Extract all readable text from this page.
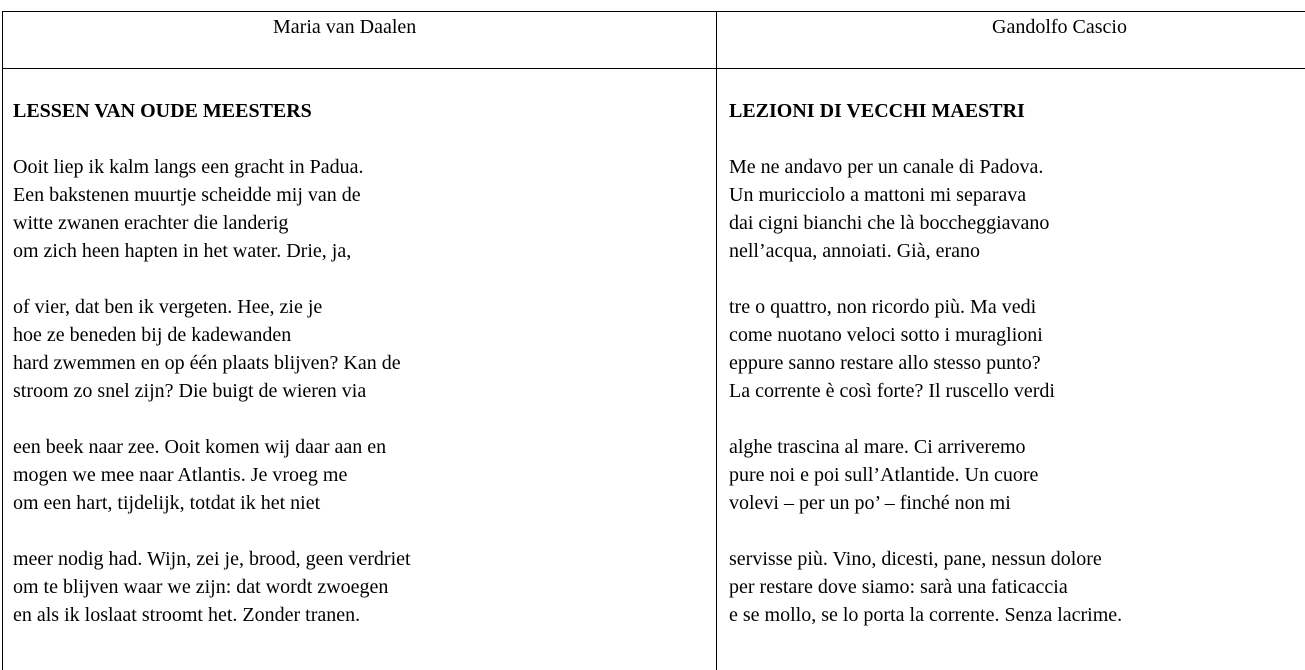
Maria van Daalen	Gandolfo Cascio
LESSEN VAN OUDE MEESTERS
Ooit liep ik kalm langs een gracht in Padua.
Een bakstenen muurtje scheidde mij van de
witte zwanen erachter die landerig
om zich heen hapten in het water. Drie, ja,
of vier, dat ben ik vergeten. Hee, zie je
hoe ze beneden bij de kadewanden
hard zwemmen en op één plaats blijven? Kan de
stroom zo snel zijn? Die buigt de wieren via
een beek naar zee. Ooit komen wij daar aan en
mogen we mee naar Atlantis. Je vroeg me
om een hart, tijdelijk, totdat ik het niet
meer nodig had. Wijn, zei je, brood, geen verdriet
om te blijven waar we zijn: dat wordt zwoegen
en als ik loslaat stroomt het. Zonder tranen.
LEZIONI DI VECCHI MAESTRI
Me ne andavo per un canale di Padova.
Un muricciolo a mattoni mi separava
dai cigni bianchi che là boccheggiavano
nell’acqua, annoiati. Già, erano
tre o quattro, non ricordo più. Ma vedi
come nuotano veloci sotto i muraglioni
eppure sanno restare allo stesso punto?
La corrente è così forte? Il ruscello verdi
alghe trascina al mare. Ci arriveremo
pure noi e poi sull’Atlantide. Un cuore
volevi – per un po’ – finché non mi
servisse più. Vino, dicesti, pane, nessun dolore
per restare dove siamo: sarà una faticaccia
e se mollo, se lo porta la corrente. Senza lacrime.
